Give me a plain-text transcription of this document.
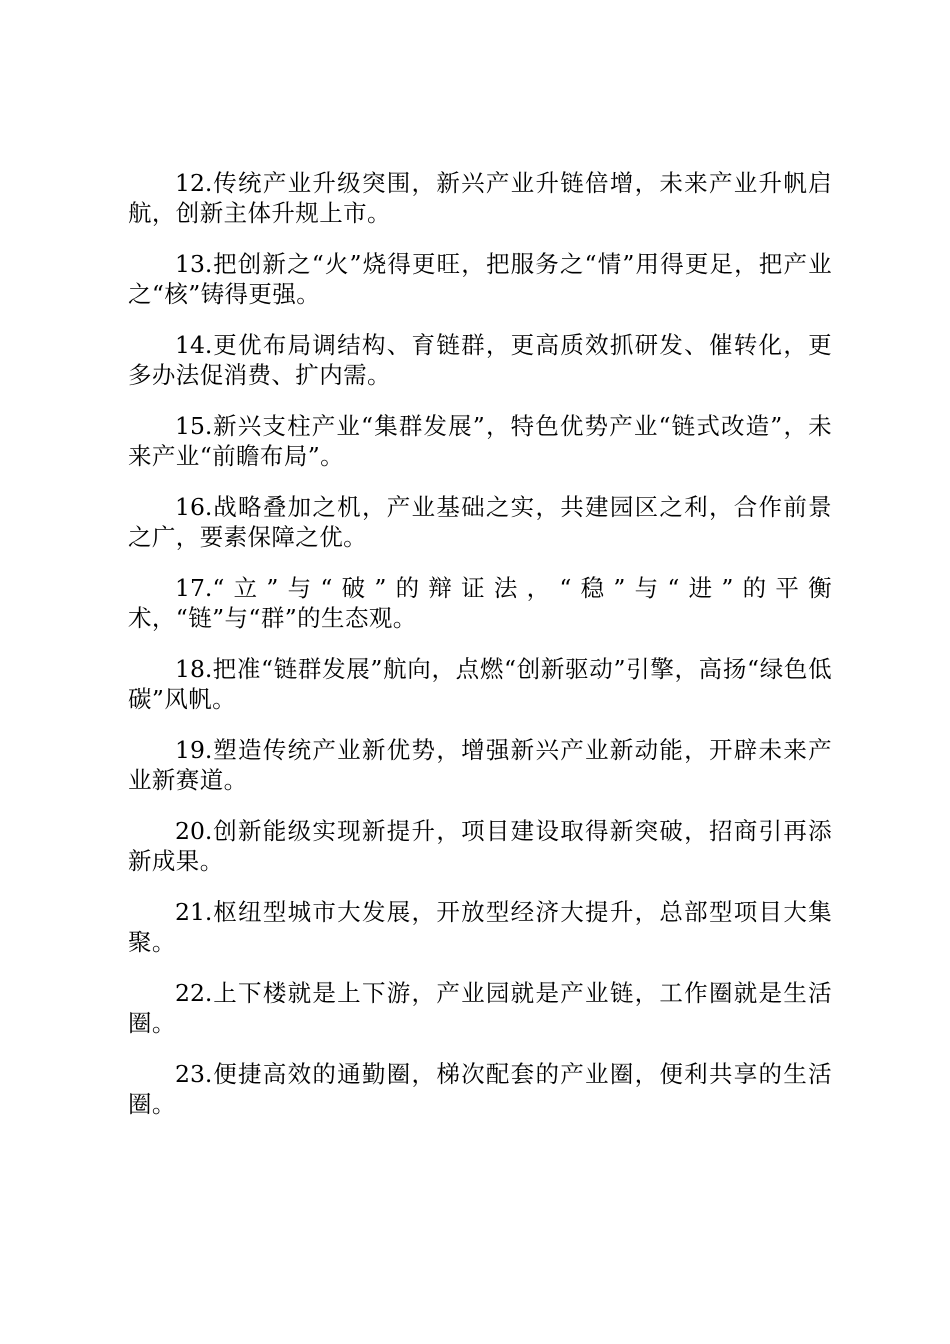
12.传统产业升级突围，新兴产业升链倍增，未来产业升帆启航，创新主体升规上市。

13.把创新之“火”烧得更旺，把服务之“情”用得更足，把产业之“核”铸得更强。

14.更优布局调结构、育链群，更高质效抓研发、催转化，更多办法促消费、扩内需。

15.新兴支柱产业“集群发展”，特色优势产业“链式改造”，未来产业“前瞻布局”。

16.战略叠加之机，产业基础之实，共建园区之利，合作前景之广，要素保障之优。

17.“立”与“破”的辩证法，“稳”与“进”的平衡术，“链”与“群”的生态观。

18.把准“链群发展”航向，点燃“创新驱动”引擎，高扬“绿色低碳”风帆。

19.塑造传统产业新优势，增强新兴产业新动能，开辟未来产业新赛道。

20.创新能级实现新提升，项目建设取得新突破，招商引再添新成果。

21.枢纽型城市大发展，开放型经济大提升，总部型项目大集聚。

22.上下楼就是上下游，产业园就是产业链，工作圈就是生活圈。

23.便捷高效的通勤圈，梯次配套的产业圈，便利共享的生活圈。
